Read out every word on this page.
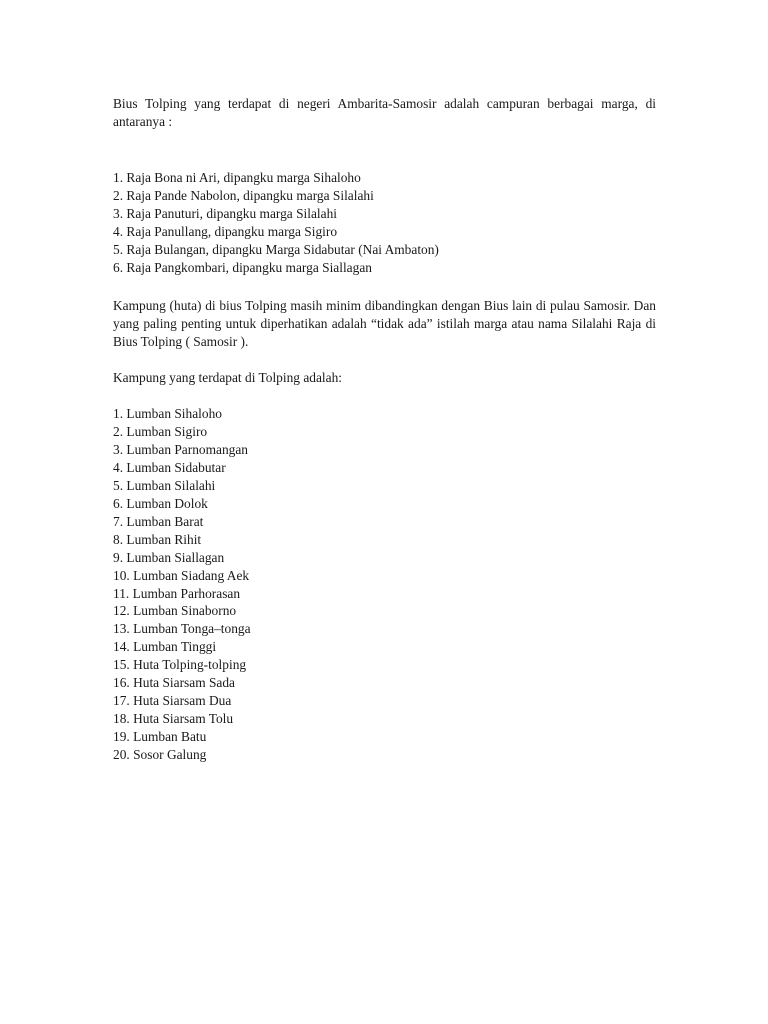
Bius Tolping yang terdapat di negeri Ambarita-Samosir adalah campuran berbagai marga, di antaranya :

1. Raja Bona ni Ari, dipangku marga Sihaloho
2. Raja Pande Nabolon, dipangku marga Silalahi
3. Raja Panuturi, dipangku marga Silalahi
4. Raja Panullang, dipangku marga Sigiro
5. Raja Bulangan, dipangku Marga Sidabutar (Nai Ambaton)
6. Raja Pangkombari, dipangku marga Siallagan

Kampung (huta) di bius Tolping masih minim dibandingkan dengan Bius lain di pulau Samosir. Dan yang paling penting untuk diperhatikan adalah “tidak ada” istilah marga atau nama Silalahi Raja di Bius Tolping ( Samosir ).

Kampung yang terdapat di Tolping adalah:

1. Lumban Sihaloho
2. Lumban Sigiro
3. Lumban Parnomangan
4. Lumban Sidabutar
5. Lumban Silalahi
6. Lumban Dolok
7. Lumban Barat
8. Lumban Rihit
9. Lumban Siallagan
10. Lumban Siadang Aek
11. Lumban Parhorasan
12. Lumban Sinaborno
13. Lumban Tonga–tonga
14. Lumban Tinggi
15. Huta Tolping-tolping
16. Huta Siarsam Sada
17. Huta Siarsam Dua
18. Huta Siarsam Tolu
19. Lumban Batu
20. Sosor Galung
